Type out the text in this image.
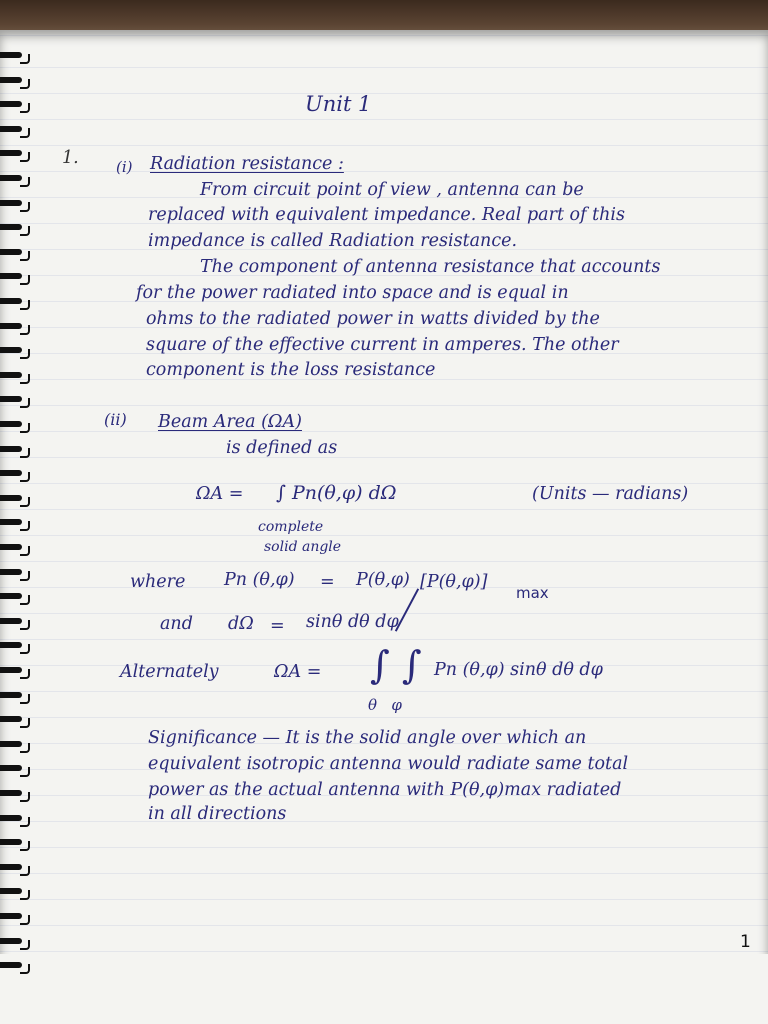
Unit 1
1. (i) Radiation resistance :
From circuit point of view , antenna can be
replaced with equivalent impedance. Real part of this
impedance is called Radiation resistance.
The component of antenna resistance that accounts
for the power radiated into space and is equal in
ohms to the radiated power in watts divided by the
square of the effective current in amperes. The other
component is the loss resistance
(ii) Beam Area (ΩA)
is defined as
ΩA = ∫ Pn(θ,φ) dΩ	(Units — radians)
complete
solid angle
where Pn (θ,φ) = P(θ,φ) [P(θ,φ)]
max
and dΩ = sinθ dθ dφ
Alternately	ΩA = ∫ ∫ Pn (θ,φ) sinθ dθ dφ
θ   φ
Significance — It is the solid angle over which an
equivalent isotropic antenna would radiate same total
power as the actual antenna with P(θ,φ)max radiated
in all directions
1
